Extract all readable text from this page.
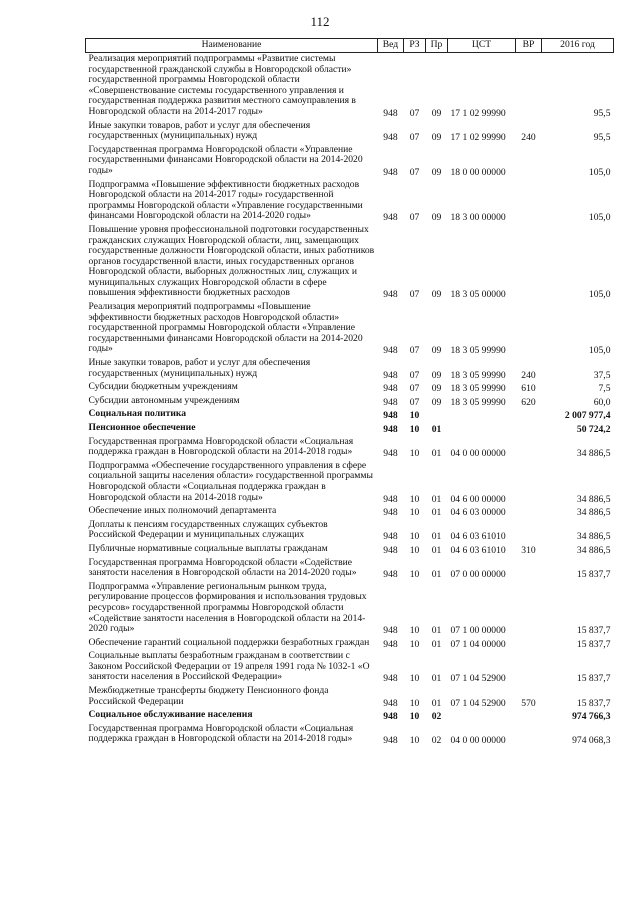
112
Наименование	Вед	РЗ	Пр	ЦСТ	ВР	2016 год
Реализация мероприятий подпрограммы «Развитие системы государственной гражданской службы в Новгородской области» государственной программы Новгородской области «Совершенствование системы государственного управления и государственная поддержка развития местного самоуправления в Новгородской области на 2014-2017 годы»	948	07	09	17 1 02 99990		95,5
Иные закупки товаров, работ и услуг для обеспечения государственных (муниципальных) нужд	948	07	09	17 1 02 99990	240	95,5
Государственная программа Новгородской области «Управление государственными финансами Новгородской области на 2014-2020 годы»	948	07	09	18 0 00 00000		105,0
Подпрограмма «Повышение эффективности бюджетных расходов Новгородской области на 2014-2017 годы» государственной программы Новгородской области «Управление государственными финансами Новгородской области на 2014-2020 годы»	948	07	09	18 3 00 00000		105,0
Повышение уровня профессиональной подготовки государственных гражданских служащих Новгородской области, лиц, замещающих государственные должности Новгородской области, иных работников органов государственной власти, иных государственных органов Новгородской области, выборных должностных лиц, служащих и муниципальных служащих Новгородской области в сфере повышения эффективности бюджетных расходов	948	07	09	18 3 05 00000		105,0
Реализация мероприятий подпрограммы «Повышение эффективности бюджетных расходов Новгородской области» государственной программы Новгородской области «Управление государственными финансами Новгородской области на 2014-2020 годы»	948	07	09	18 3 05 99990		105,0
Иные закупки товаров, работ и услуг для обеспечения государственных (муниципальных) нужд	948	07	09	18 3 05 99990	240	37,5
Субсидии бюджетным учреждениям	948	07	09	18 3 05 99990	610	7,5
Субсидии автономным учреждениям	948	07	09	18 3 05 99990	620	60,0
Социальная политика	948	10				2 007 977,4
Пенсионное обеспечение	948	10	01			50 724,2
Государственная программа Новгородской области «Социальная поддержка граждан в Новгородской области на 2014-2018 годы»	948	10	01	04 0 00 00000		34 886,5
Подпрограмма «Обеспечение государственного управления в сфере социальной защиты населения области» государственной программы Новгородской области «Социальная поддержка граждан в Новгородской области на 2014-2018 годы»	948	10	01	04 6 00 00000		34 886,5
Обеспечение иных полномочий департамента	948	10	01	04 6 03 00000		34 886,5
Доплаты к пенсиям государственных служащих субъектов Российской Федерации и муниципальных служащих	948	10	01	04 6 03 61010		34 886,5
Публичные нормативные социальные выплаты гражданам	948	10	01	04 6 03 61010	310	34 886,5
Государственная программа Новгородской области «Содействие занятости населения в Новгородской области на 2014-2020 годы»	948	10	01	07 0 00 00000		15 837,7
Подпрограмма «Управление региональным рынком труда, регулирование процессов формирования и использования трудовых ресурсов» государственной программы Новгородской области «Содействие занятости населения в Новгородской области на 2014-2020 годы»	948	10	01	07 1 00 00000		15 837,7
Обеспечение гарантий социальной поддержки безработных граждан	948	10	01	07 1 04 00000		15 837,7
Социальные выплаты безработным гражданам в соответствии с Законом Российской Федерации от 19 апреля 1991 года № 1032-1 «О занятости населения в Российской Федерации»	948	10	01	07 1 04 52900		15 837,7
Межбюджетные трансферты бюджету Пенсионного фонда Российской Федерации	948	10	01	07 1 04 52900	570	15 837,7
Социальное обслуживание населения	948	10	02			974 766,3
Государственная программа Новгородской области «Социальная поддержка граждан в Новгородской области на 2014-2018 годы»	948	10	02	04 0 00 00000		974 068,3
